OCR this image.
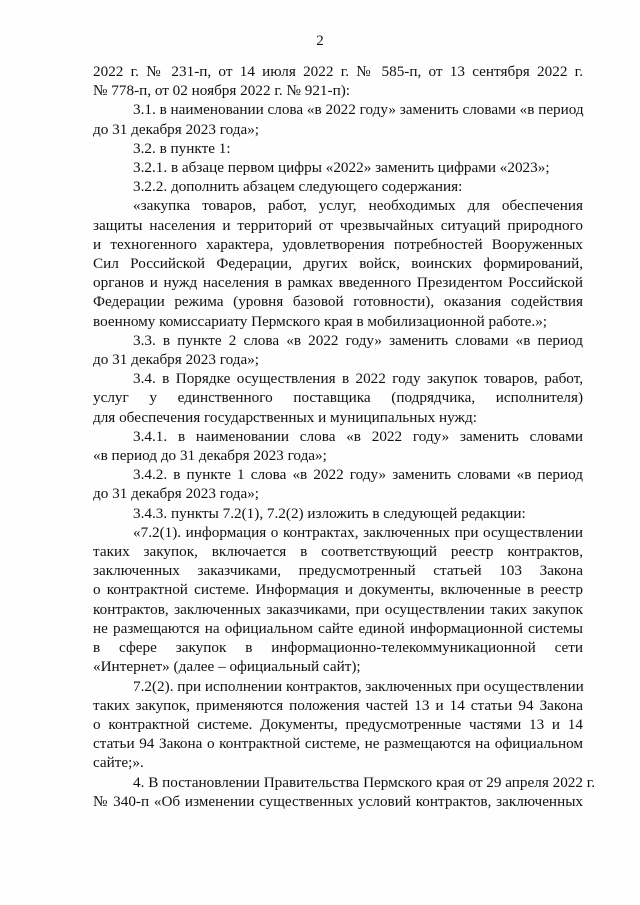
2
2022 г. № 231-п, от 14 июля 2022 г. № 585-п, от 13 сентября 2022 г.
№ 778-п, от 02 ноября 2022 г. № 921-п):
3.1. в наименовании слова «в 2022 году» заменить словами «в период
до 31 декабря 2023 года»;
3.2. в пункте 1:
3.2.1. в абзаце первом цифры «2022» заменить цифрами «2023»;
3.2.2. дополнить абзацем следующего содержания:
«закупка товаров, работ, услуг, необходимых для обеспечения
защиты населения и территорий от чрезвычайных ситуаций природного
и техногенного характера, удовлетворения потребностей Вооруженных
Сил Российской Федерации, других войск, воинских формирований,
органов и нужд населения в рамках введенного Президентом Российской
Федерации режима (уровня базовой готовности), оказания содействия
военному комиссариату Пермского края в мобилизационной работе.»;
3.3. в пункте 2 слова «в 2022 году» заменить словами «в период
до 31 декабря 2023 года»;
3.4. в Порядке осуществления в 2022 году закупок товаров, работ,
услуг у единственного поставщика (подрядчика, исполнителя)
для обеспечения государственных и муниципальных нужд:
3.4.1. в наименовании слова «в 2022 году» заменить словами
«в период до 31 декабря 2023 года»;
3.4.2. в пункте 1 слова «в 2022 году» заменить словами «в период
до 31 декабря 2023 года»;
3.4.3. пункты 7.2(1), 7.2(2) изложить в следующей редакции:
«7.2(1). информация о контрактах, заключенных при осуществлении
таких закупок, включается в соответствующий реестр контрактов,
заключенных заказчиками, предусмотренный статьей 103 Закона
о контрактной системе. Информация и документы, включенные в реестр
контрактов, заключенных заказчиками, при осуществлении таких закупок
не размещаются на официальном сайте единой информационной системы
в сфере закупок в информационно-телекоммуникационной сети
«Интернет» (далее – официальный сайт);
7.2(2). при исполнении контрактов, заключенных при осуществлении
таких закупок, применяются положения частей 13 и 14 статьи 94 Закона
о контрактной системе. Документы, предусмотренные частями 13 и 14
статьи 94 Закона о контрактной системе, не размещаются на официальном
сайте;».
4. В постановлении Правительства Пермского края от 29 апреля 2022 г.
№ 340-п «Об изменении существенных условий контрактов, заключенных
